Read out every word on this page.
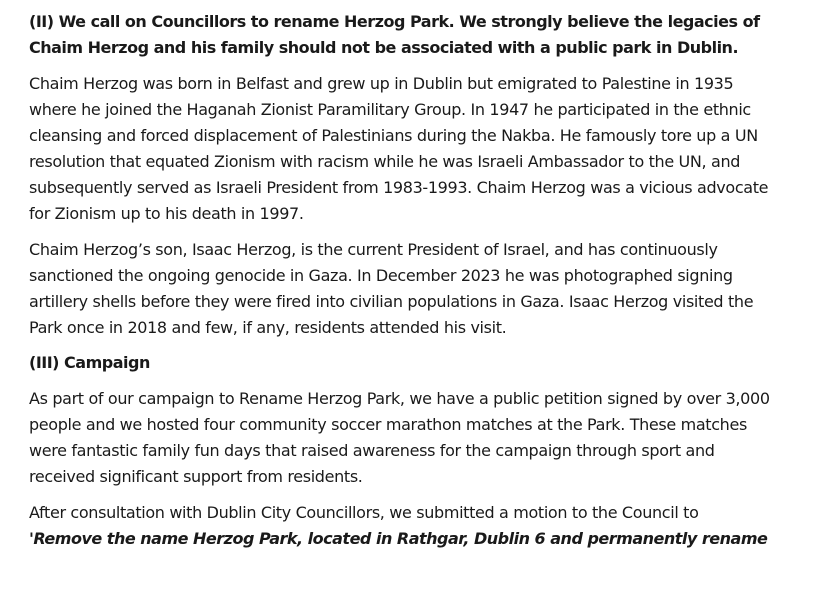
(II) We call on Councillors to rename Herzog Park. We strongly believe the legacies of
Chaim Herzog and his family should not be associated with a public park in Dublin.
Chaim Herzog was born in Belfast and grew up in Dublin but emigrated to Palestine in 1935
where he joined the Haganah Zionist Paramilitary Group. In 1947 he participated in the ethnic
cleansing and forced displacement of Palestinians during the Nakba. He famously tore up a UN
resolution that equated Zionism with racism while he was Israeli Ambassador to the UN, and
subsequently served as Israeli President from 1983-1993. Chaim Herzog was a vicious advocate
for Zionism up to his death in 1997.
Chaim Herzog’s son, Isaac Herzog, is the current President of Israel, and has continuously
sanctioned the ongoing genocide in Gaza. In December 2023 he was photographed signing
artillery shells before they were fired into civilian populations in Gaza. Isaac Herzog visited the
Park once in 2018 and few, if any, residents attended his visit.
(III) Campaign
As part of our campaign to Rename Herzog Park, we have a public petition signed by over 3,000
people and we hosted four community soccer marathon matches at the Park. These matches
were fantastic family fun days that raised awareness for the campaign through sport and
received significant support from residents.
After consultation with Dublin City Councillors, we submitted a motion to the Council to
'Remove the name Herzog Park, located in Rathgar, Dublin 6 and permanently rename
